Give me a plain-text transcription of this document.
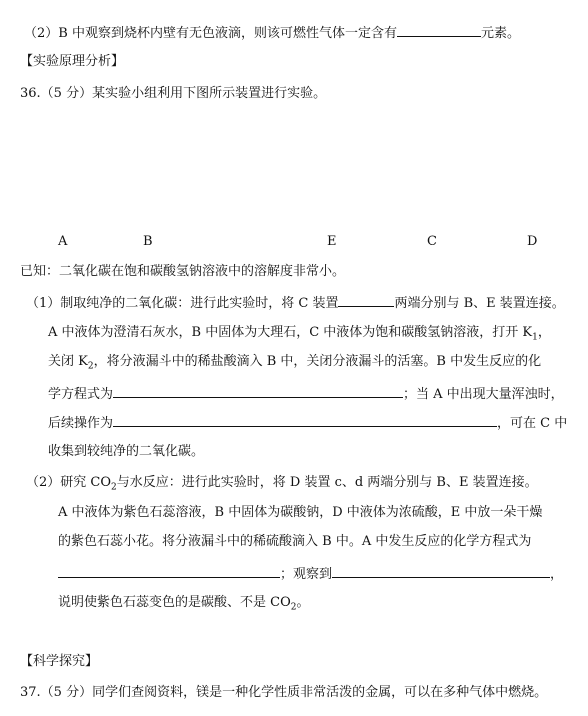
（2）B 中观察到烧杯内壁有无色液滴，则该可燃性气体一定含有	元素。
【实验原理分析】
36.（5 分）某实验小组利用下图所示装置进行实验。
A	B	E	C	D
已知：二氧化碳在饱和碳酸氢钠溶液中的溶解度非常小。
（1）制取纯净的二氧化碳：进行此实验时，将 C 装置	两端分别与 B、E 装置连接。
A 中液体为澄清石灰水，B 中固体为大理石，C 中液体为饱和碳酸氢钠溶液，打开 $K_1$，
关闭 $K_2$，将分液漏斗中的稀盐酸滴入 B 中，关闭分液漏斗的活塞。B 中发生反应的化
学方程式为	；当 A 中出现大量浑浊时，
后续操作为	，可在 C 中
收集到较纯净的二氧化碳。
（2）研究 $CO_2$与水反应：进行此实验时，将 D 装置 c、d 两端分别与 B、E 装置连接。
A 中液体为紫色石蕊溶液，B 中固体为碳酸钠，D 中液体为浓硫酸，E 中放一朵干燥
的紫色石蕊小花。将分液漏斗中的稀硫酸滴入 B 中。A 中发生反应的化学方程式为
；观察到	，
说明使紫色石蕊变色的是碳酸、不是 $CO_2$。
【科学探究】
37.（5 分）同学们查阅资料，镁是一种化学性质非常活泼的金属，可以在多种气体中燃烧。
